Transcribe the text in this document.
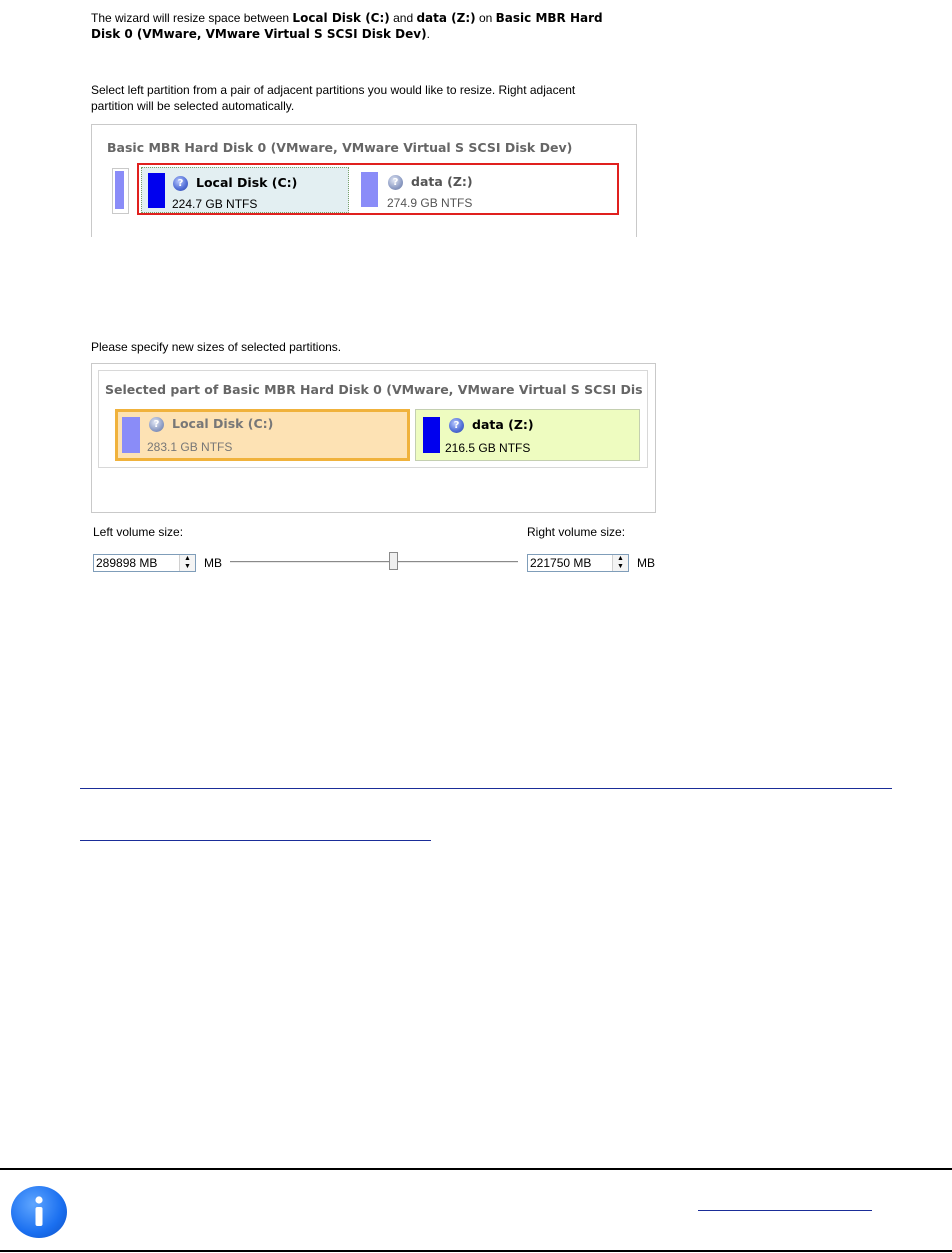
The wizard will resize space between Local Disk (C:) and data (Z:) on Basic MBR Hard
Disk 0 (VMware, VMware Virtual S SCSI Disk Dev).
Select left partition from a pair of adjacent partitions you would like to resize. Right adjacent
partition will be selected automatically.
Basic MBR Hard Disk 0 (VMware, VMware Virtual S SCSI Disk Dev)
?	Local Disk (C:)
224.7 GB NTFS
?	data (Z:)
274.9 GB NTFS
Please specify new sizes of selected partitions.
Selected part of Basic MBR Hard Disk 0 (VMware, VMware Virtual S SCSI Dis
?	Local Disk (C:)
283.1 GB NTFS
?	data (Z:)
216.5 GB NTFS
Left volume size:	Right volume size:
289898 MB	▲
▼	MB	221750 MB	▲
▼	MB
